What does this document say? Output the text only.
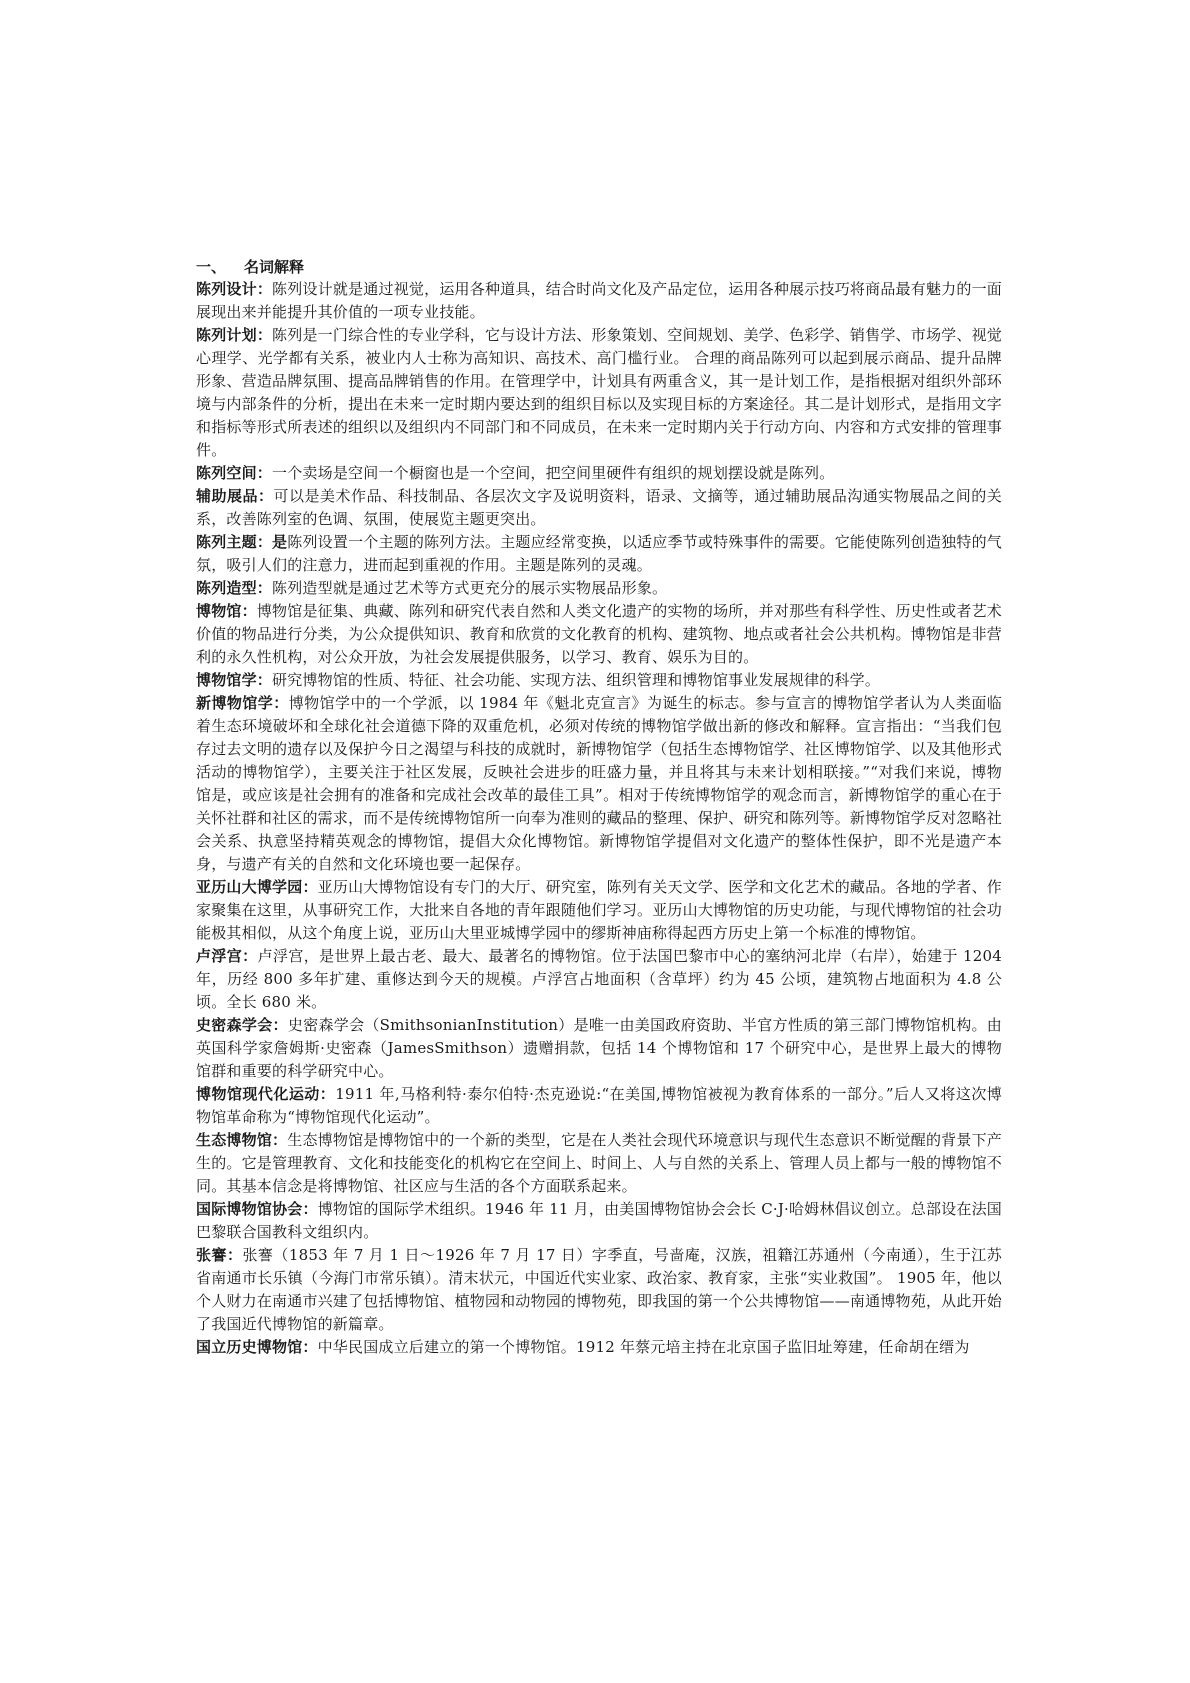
一、 名词解释

陈列设计：陈列设计就是通过视觉，运用各种道具，结合时尚文化及产品定位，运用各种展示技巧将商品最有魅力的一面展现出来并能提升其价值的一项专业技能。

陈列计划：陈列是一门综合性的专业学科，它与设计方法、形象策划、空间规划、美学、色彩学、销售学、市场学、视觉心理学、光学都有关系，被业内人士称为高知识、高技术、高门槛行业。 合理的商品陈列可以起到展示商品、提升品牌形象、营造品牌氛围、提高品牌销售的作用。在管理学中，计划具有两重含义，其一是计划工作，是指根据对组织外部环境与内部条件的分析，提出在未来一定时期内要达到的组织目标以及实现目标的方案途径。其二是计划形式，是指用文字和指标等形式所表述的组织以及组织内不同部门和不同成员，在未来一定时期内关于行动方向、内容和方式安排的管理事件。

陈列空间：一个卖场是空间一个橱窗也是一个空间，把空间里硬件有组织的规划摆设就是陈列。

辅助展品：可以是美术作品、科技制品、各层次文字及说明资料，语录、文摘等，通过辅助展品沟通实物展品之间的关系，改善陈列室的色调、氛围，使展览主题更突出。

陈列主题：是陈列设置一个主题的陈列方法。主题应经常变换，以适应季节或特殊事件的需要。它能使陈列创造独特的气氛，吸引人们的注意力，进而起到重视的作用。主题是陈列的灵魂。

陈列造型：陈列造型就是通过艺术等方式更充分的展示实物展品形象。

博物馆：博物馆是征集、典藏、陈列和研究代表自然和人类文化遗产的实物的场所，并对那些有科学性、历史性或者艺术价值的物品进行分类，为公众提供知识、教育和欣赏的文化教育的机构、建筑物、地点或者社会公共机构。博物馆是非营利的永久性机构，对公众开放，为社会发展提供服务，以学习、教育、娱乐为目的。

博物馆学：研究博物馆的性质、特征、社会功能、实现方法、组织管理和博物馆事业发展规律的科学。

新博物馆学：博物馆学中的一个学派，以 1984 年《魁北克宣言》为诞生的标志。参与宣言的博物馆学者认为人类面临着生态环境破坏和全球化社会道德下降的双重危机，必须对传统的博物馆学做出新的修改和解释。宣言指出：“当我们包存过去文明的遗存以及保护今日之渴望与科技的成就时，新博物馆学（包括生态博物馆学、社区博物馆学、以及其他形式活动的博物馆学），主要关注于社区发展，反映社会进步的旺盛力量，并且将其与未来计划相联接。”“对我们来说，博物馆是，或应该是社会拥有的准备和完成社会改革的最佳工具”。相对于传统博物馆学的观念而言，新博物馆学的重心在于关怀社群和社区的需求，而不是传统博物馆所一向奉为准则的藏品的整理、保护、研究和陈列等。新博物馆学反对忽略社会关系、执意坚持精英观念的博物馆，提倡大众化博物馆。新博物馆学提倡对文化遗产的整体性保护，即不光是遗产本身，与遗产有关的自然和文化环境也要一起保存。

亚历山大博学园：亚历山大博物馆设有专门的大厅、研究室，陈列有关天文学、医学和文化艺术的藏品。各地的学者、作家聚集在这里，从事研究工作，大批来自各地的青年跟随他们学习。亚历山大博物馆的历史功能，与现代博物馆的社会功能极其相似，从这个角度上说，亚历山大里亚城博学园中的缪斯神庙称得起西方历史上第一个标准的博物馆。

卢浮宫：卢浮宫，是世界上最古老、最大、最著名的博物馆。位于法国巴黎市中心的塞纳河北岸（右岸），始建于 1204 年，历经 800 多年扩建、重修达到今天的规模。卢浮宫占地面积（含草坪）约为 45 公顷，建筑物占地面积为 4.8 公顷。全长 680 米。

史密森学会：史密森学会（SmithsonianInstitution）是唯一由美国政府资助、半官方性质的第三部门博物馆机构。由英国科学家詹姆斯·史密森（JamesSmithson）遗赠捐款，包括 14 个博物馆和 17 个研究中心，是世界上最大的博物馆群和重要的科学研究中心。

博物馆现代化运动：1911 年,马格利特·泰尔伯特·杰克逊说:“在美国,博物馆被视为教育体系的一部分。”后人又将这次博物馆革命称为“博物馆现代化运动”。

生态博物馆：生态博物馆是博物馆中的一个新的类型，它是在人类社会现代环境意识与现代生态意识不断觉醒的背景下产生的。它是管理教育、文化和技能变化的机构它在空间上、时间上、人与自然的关系上、管理人员上都与一般的博物馆不同。其基本信念是将博物馆、社区应与生活的各个方面联系起来。

国际博物馆协会：博物馆的国际学术组织。1946 年 11 月，由美国博物馆协会会长 C·J·哈姆林倡议创立。总部设在法国巴黎联合国教科文组织内。

张謇：张謇（1853 年 7 月 1 日～1926 年 7 月 17 日）字季直，号啬庵，汉族，祖籍江苏通州（今南通），生于江苏省南通市长乐镇（今海门市常乐镇）。清末状元，中国近代实业家、政治家、教育家，主张“实业救国”。 1905 年，他以个人财力在南通市兴建了包括博物馆、植物园和动物园的博物苑，即我国的第一个公共博物馆——南通博物苑，从此开始了我国近代博物馆的新篇章。

国立历史博物馆：中华民国成立后建立的第一个博物馆。1912 年蔡元培主持在北京国子监旧址筹建，任命胡在缙为
